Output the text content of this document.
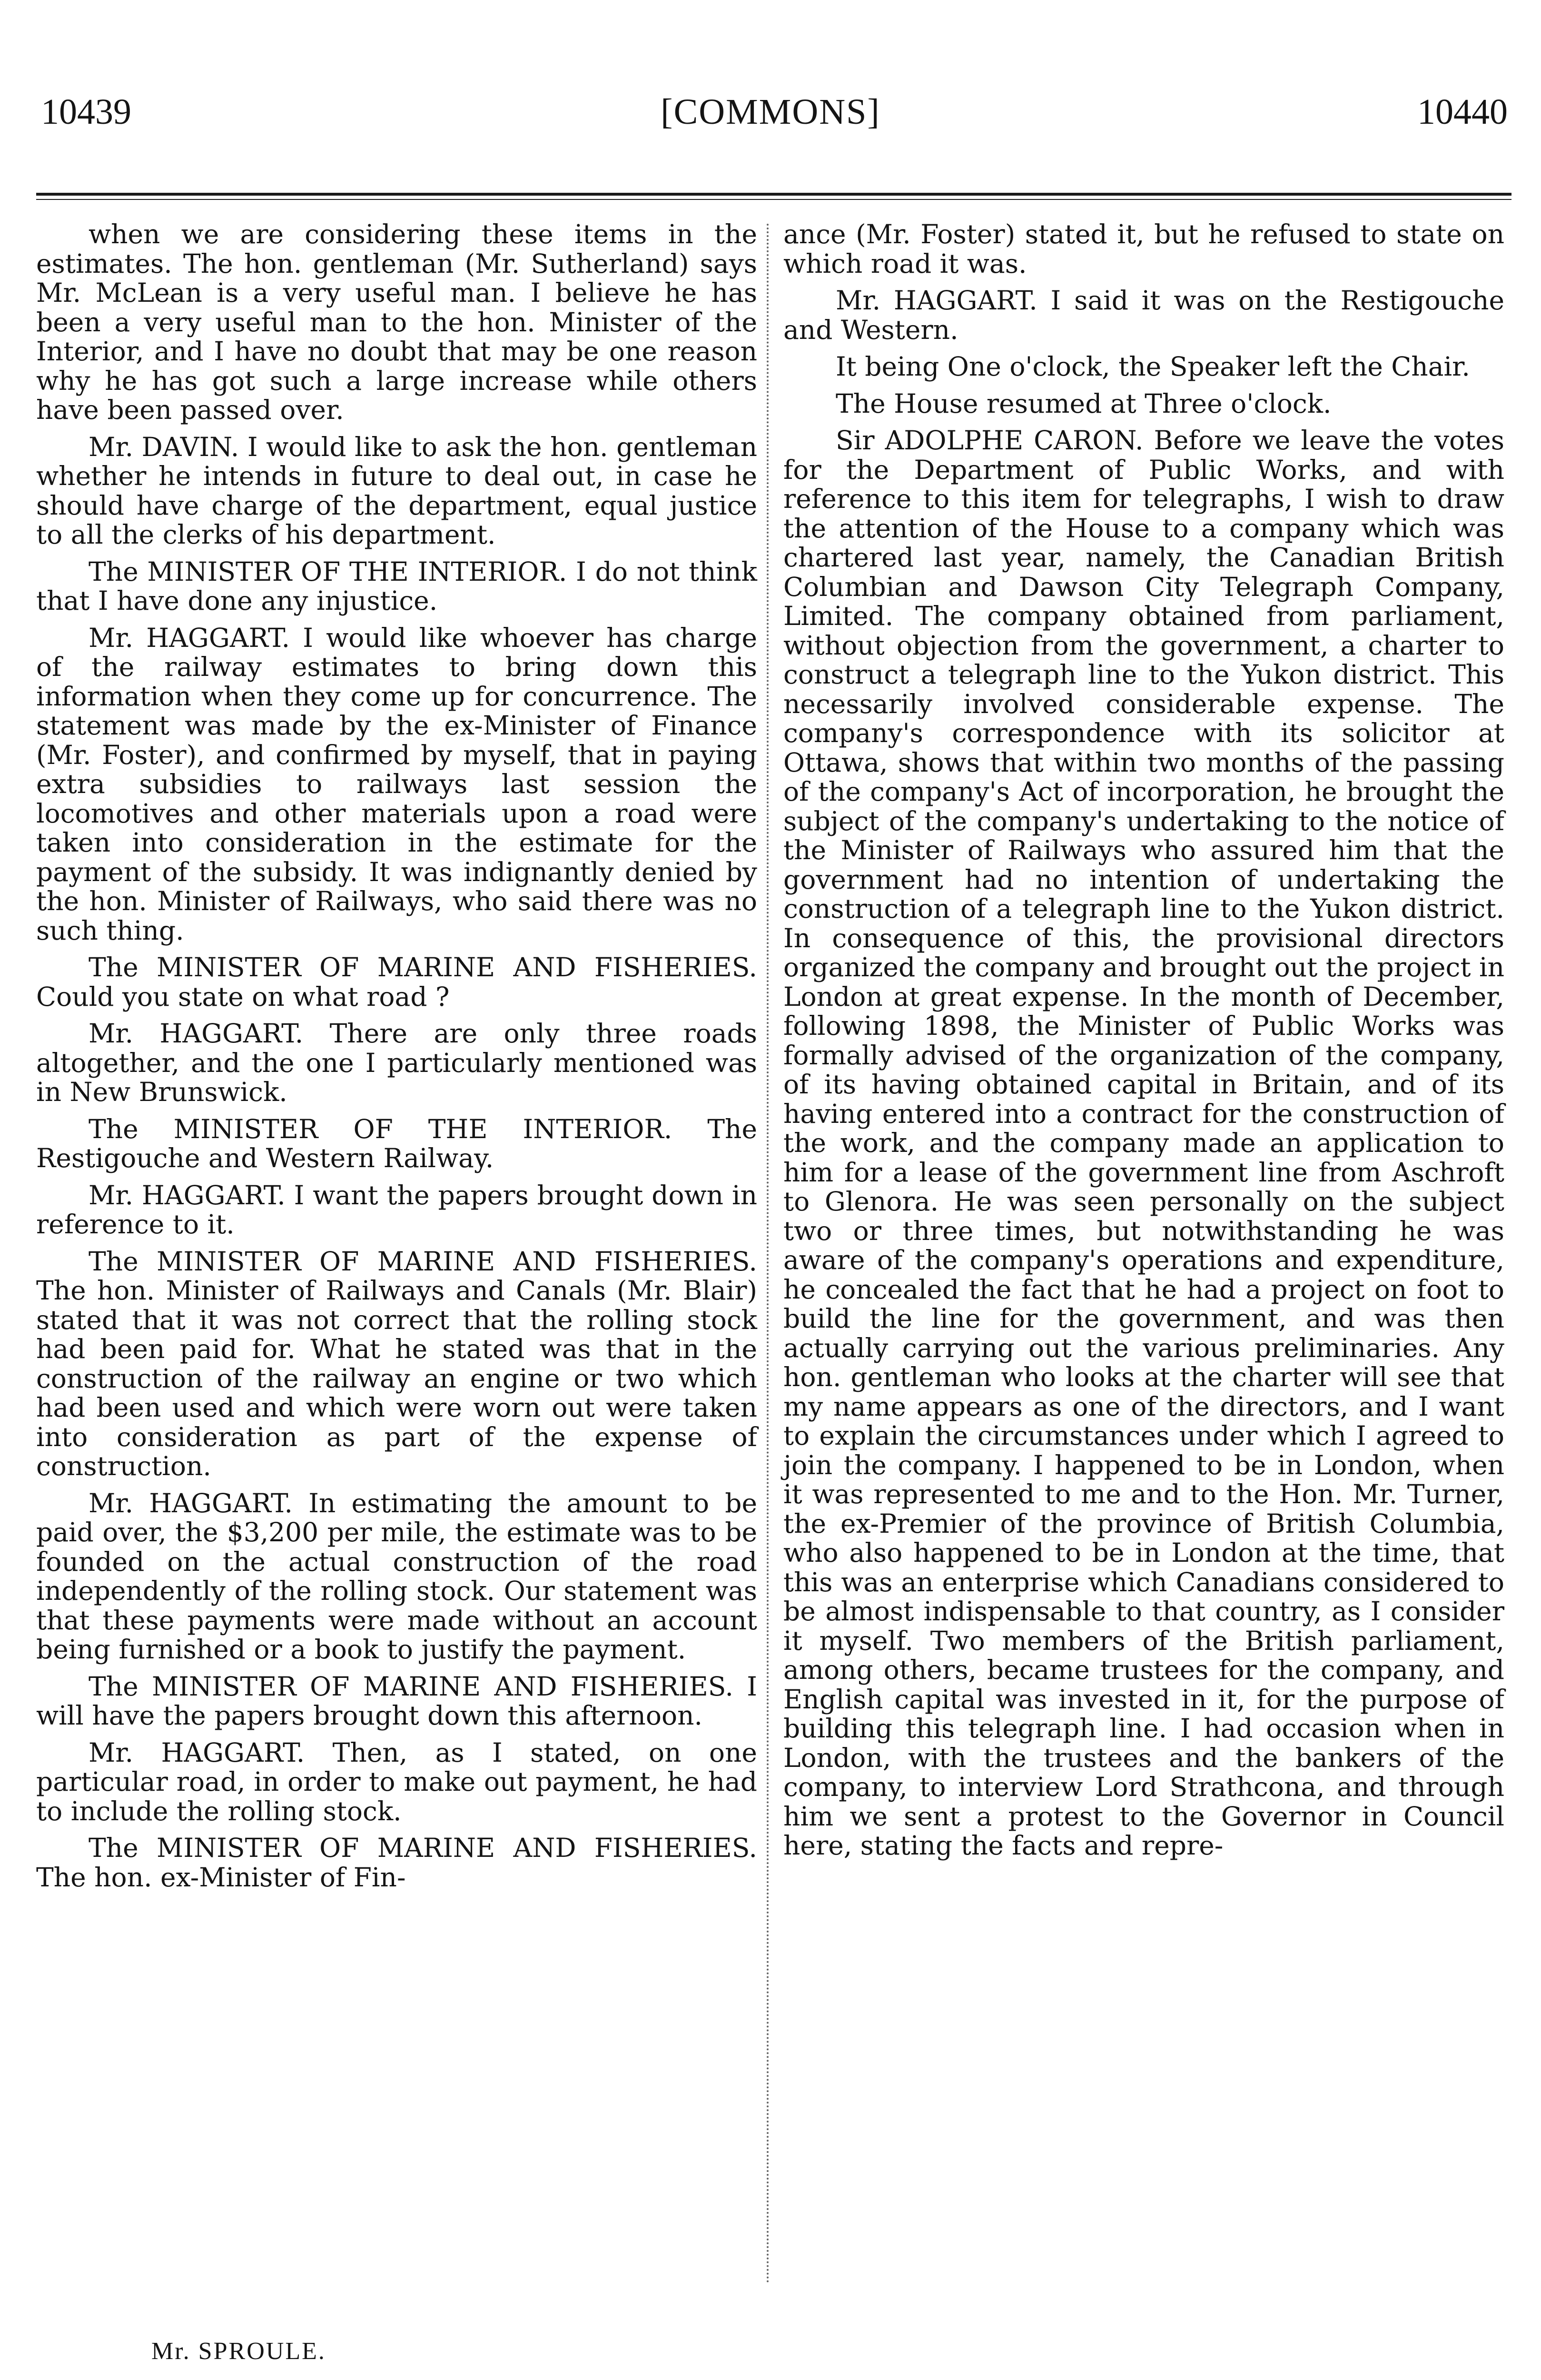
10439	[COMMONS]	10440

when we are considering these items in the estimates. The hon. gentleman (Mr. Sutherland) says Mr. McLean is a very useful man. I believe he has been a very useful man to the hon. Minister of the Interior, and I have no doubt that may be one reason why he has got such a large increase while others have been passed over.

Mr. DAVIN. I would like to ask the hon. gentleman whether he intends in future to deal out, in case he should have charge of the department, equal justice to all the clerks of his department.

The MINISTER OF THE INTERIOR. I do not think that I have done any injustice.

Mr. HAGGART. I would like whoever has charge of the railway estimates to bring down this information when they come up for concurrence. The statement was made by the ex-Minister of Finance (Mr. Foster), and confirmed by myself, that in paying extra subsidies to railways last session the locomotives and other materials upon a road were taken into consideration in the estimate for the payment of the subsidy. It was indignantly denied by the hon. Minister of Railways, who said there was no such thing.

The MINISTER OF MARINE AND FISHERIES. Could you state on what road ?

Mr. HAGGART. There are only three roads altogether, and the one I particularly mentioned was in New Brunswick.

The MINISTER OF THE INTERIOR. The Restigouche and Western Railway.

Mr. HAGGART. I want the papers brought down in reference to it.

The MINISTER OF MARINE AND FISHERIES. The hon. Minister of Railways and Canals (Mr. Blair) stated that it was not correct that the rolling stock had been paid for. What he stated was that in the construction of the railway an engine or two which had been used and which were worn out were taken into consideration as part of the expense of construction.

Mr. HAGGART. In estimating the amount to be paid over, the $3,200 per mile, the estimate was to be founded on the actual construction of the road independently of the rolling stock. Our statement was that these payments were made without an account being furnished or a book to justify the payment.

The MINISTER OF MARINE AND FISHERIES. I will have the papers brought down this afternoon.

Mr. HAGGART. Then, as I stated, on one particular road, in order to make out payment, he had to include the rolling stock.

The MINISTER OF MARINE AND FISHERIES. The hon. ex-Minister of Fin-

ance (Mr. Foster) stated it, but he refused to state on which road it was.

Mr. HAGGART. I said it was on the Restigouche and Western.

It being One o'clock, the Speaker left the Chair.

The House resumed at Three o'clock.

Sir ADOLPHE CARON. Before we leave the votes for the Department of Public Works, and with reference to this item for telegraphs, I wish to draw the attention of the House to a company which was chartered last year, namely, the Canadian British Columbian and Dawson City Telegraph Company, Limited. The company obtained from parliament, without objection from the government, a charter to construct a telegraph line to the Yukon district. This necessarily involved considerable expense. The company's correspondence with its solicitor at Ottawa, shows that within two months of the passing of the company's Act of incorporation, he brought the subject of the company's undertaking to the notice of the Minister of Railways who assured him that the government had no intention of undertaking the construction of a telegraph line to the Yukon district. In consequence of this, the provisional directors organized the company and brought out the project in London at great expense. In the month of December, following 1898, the Minister of Public Works was formally advised of the organization of the company, of its having obtained capital in Britain, and of its having entered into a contract for the construction of the work, and the company made an application to him for a lease of the government line from Aschroft to Glenora. He was seen personally on the subject two or three times, but notwithstanding he was aware of the company's operations and expenditure, he concealed the fact that he had a project on foot to build the line for the government, and was then actually carrying out the various preliminaries. Any hon. gentleman who looks at the charter will see that my name appears as one of the directors, and I want to explain the circumstances under which I agreed to join the company. I happened to be in London, when it was represented to me and to the Hon. Mr. Turner, the ex-Premier of the province of British Columbia, who also happened to be in London at the time, that this was an enterprise which Canadians considered to be almost indispensable to that country, as I consider it myself. Two members of the British parliament, among others, became trustees for the company, and English capital was invested in it, for the purpose of building this telegraph line. I had occasion when in London, with the trustees and the bankers of the company, to interview Lord Strathcona, and through him we sent a protest to the Governor in Council here, stating the facts and repre-

Mr. SPROULE.
